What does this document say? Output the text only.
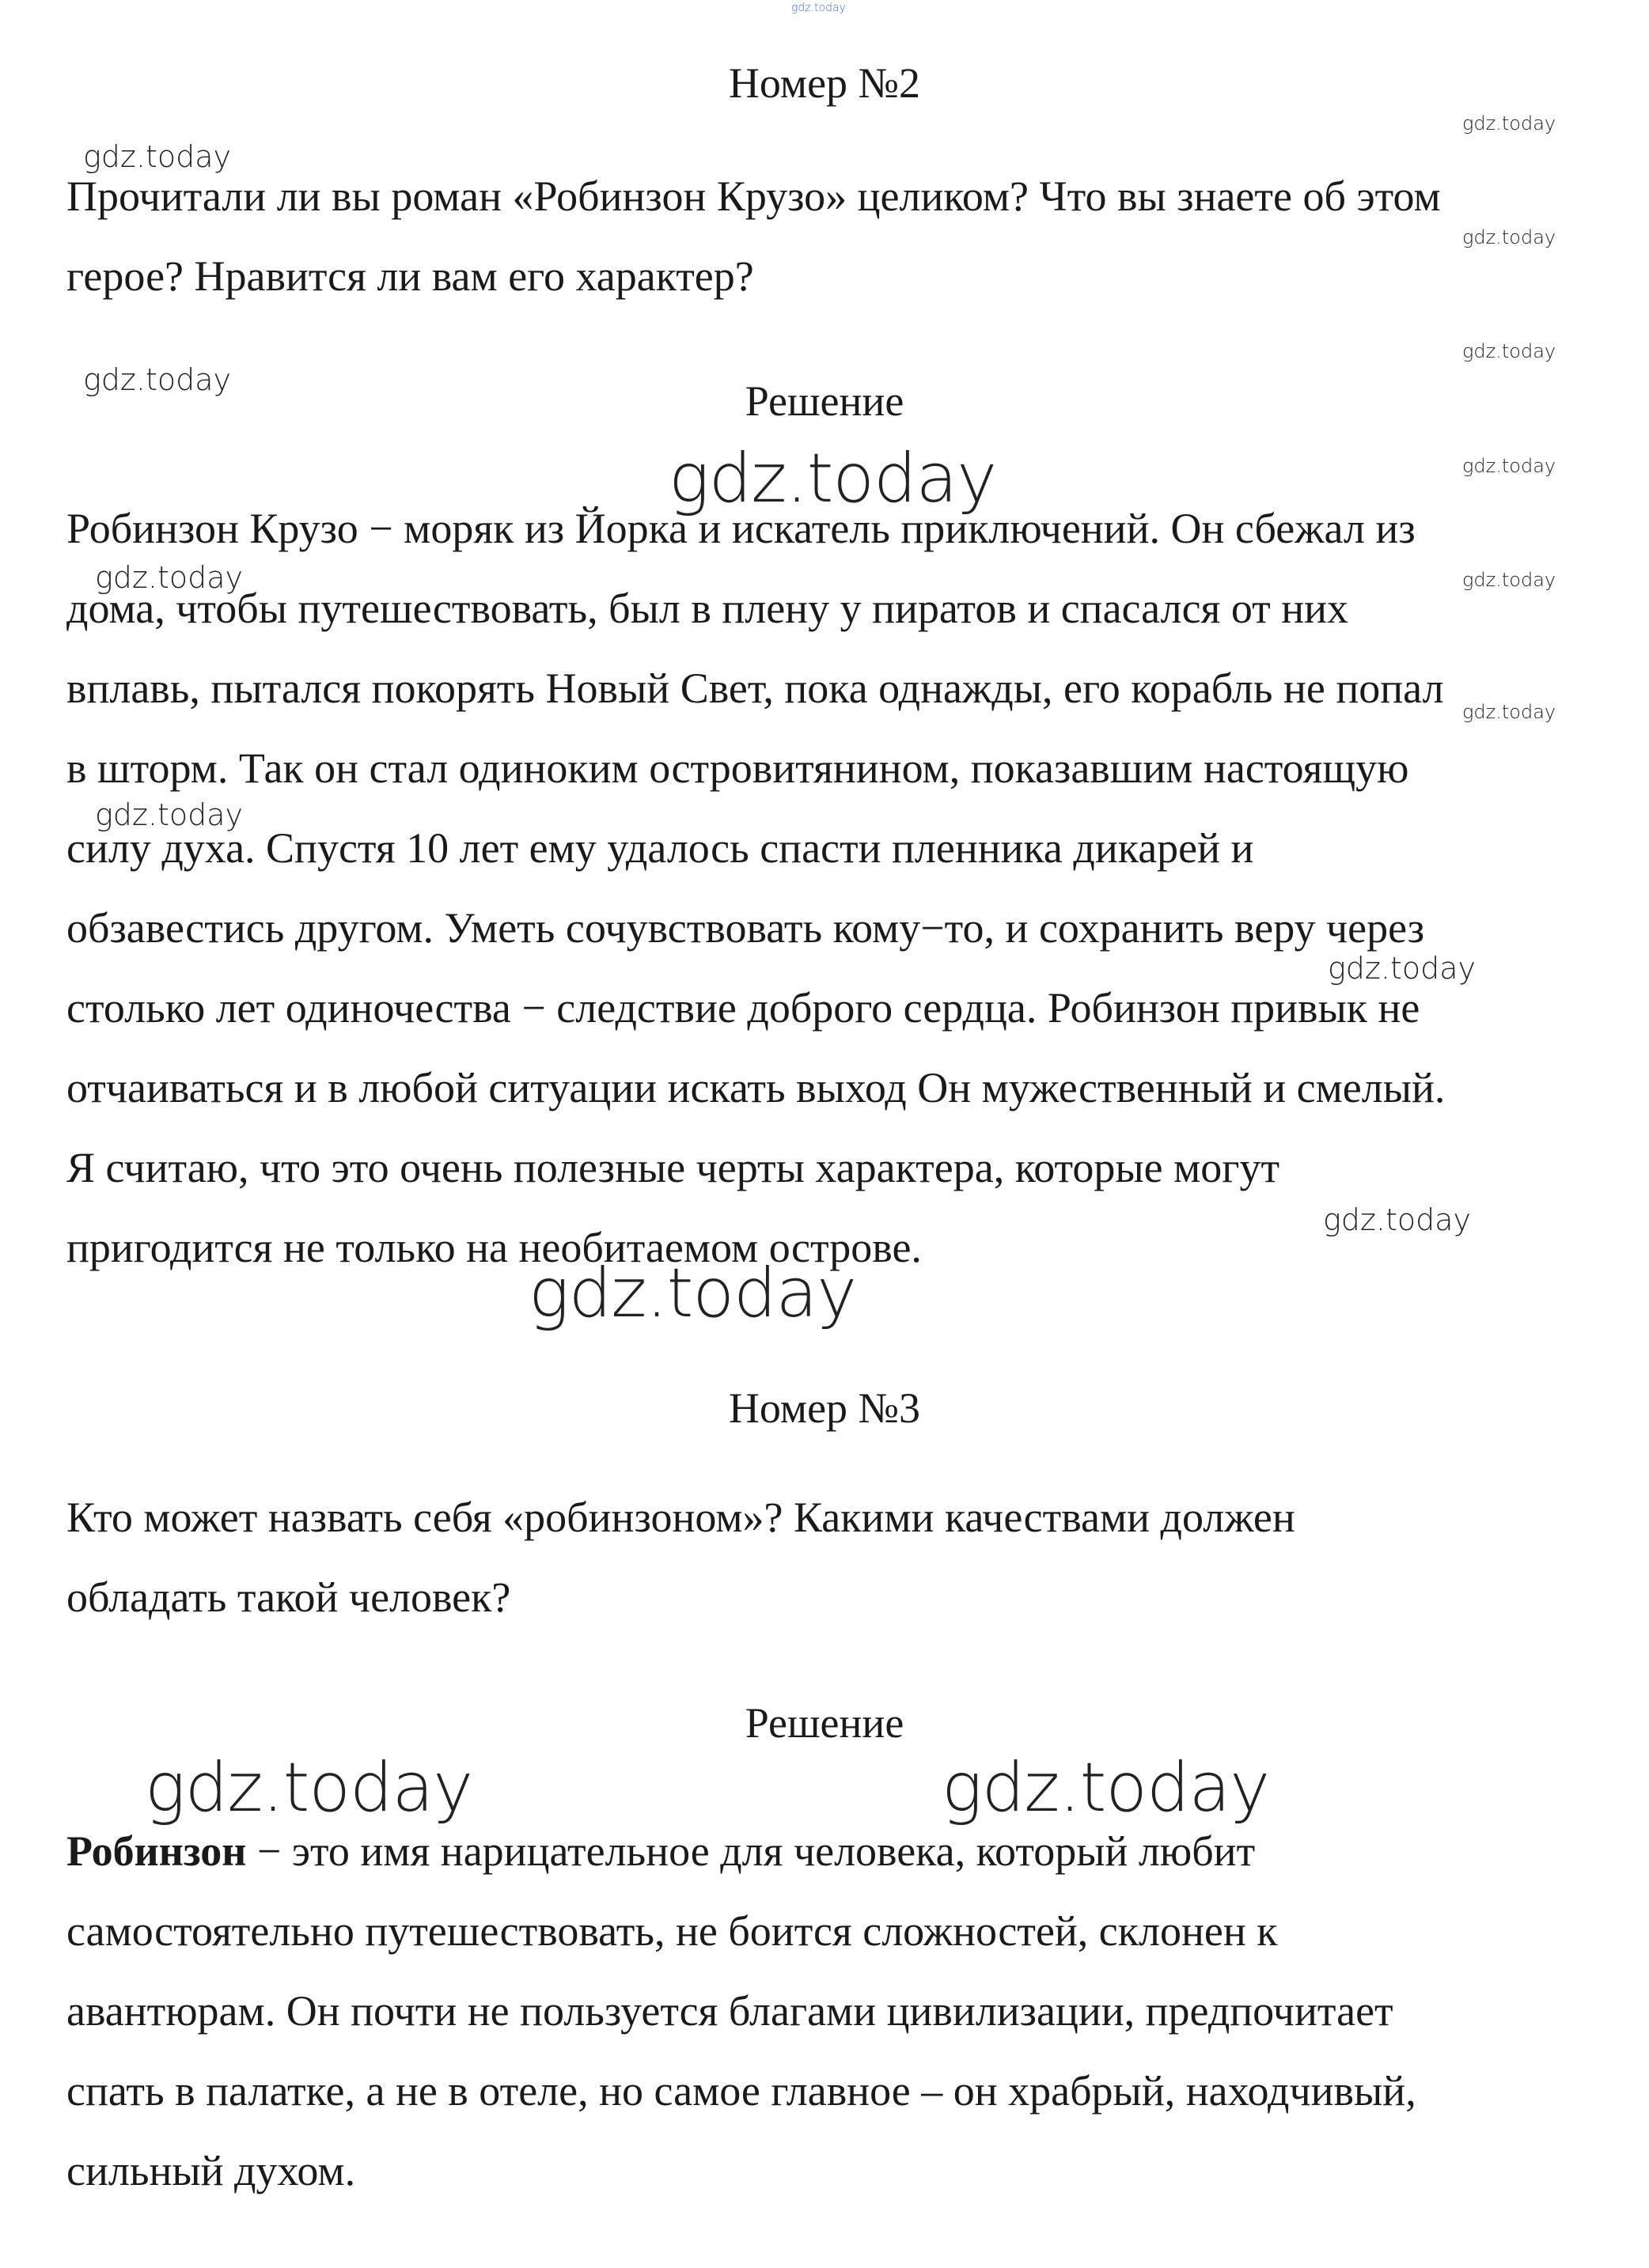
Номер №2
Прочитали ли вы роман «Робинзон Крузо» целиком? Что вы знаете об этом
герое? Нравится ли вам его характер?
Решение
Робинзон Крузо − моряк из Йорка и искатель приключений. Он сбежал из
дома, чтобы путешествовать, был в плену у пиратов и спасался от них
вплавь, пытался покорять Новый Свет, пока однажды, его корабль не попал
в шторм. Так он стал одиноким островитянином, показавшим настоящую
силу духа. Спустя 10 лет ему удалось спасти пленника дикарей и
обзавестись другом. Уметь сочувствовать кому−то, и сохранить веру через
столько лет одиночества − следствие доброго сердца. Робинзон привык не
отчаиваться и в любой ситуации искать выход Он мужественный и смелый.
Я считаю, что это очень полезные черты характера, которые могут
пригодится не только на необитаемом острове.
Номер №3
Кто может назвать себя «робинзоном»? Какими качествами должен
обладать такой человек?
Решение
Робинзон − это имя нарицательное для человека, который любит
самостоятельно путешествовать, не боится сложностей, склонен к
авантюрам. Он почти не пользуется благами цивилизации, предпочитает
спать в палатке, а не в отеле, но самое главное – он храбрый, находчивый,
сильный духом.
gdz.today
gdz.today
gdz.today
gdz.today
gdz.today
gdz.today
gdz.today
gdz.today
gdz.today
gdz.today
gdz.today
gdz.today
gdz.today
gdz.today
gdz.today
gdz.today	gdz.today
